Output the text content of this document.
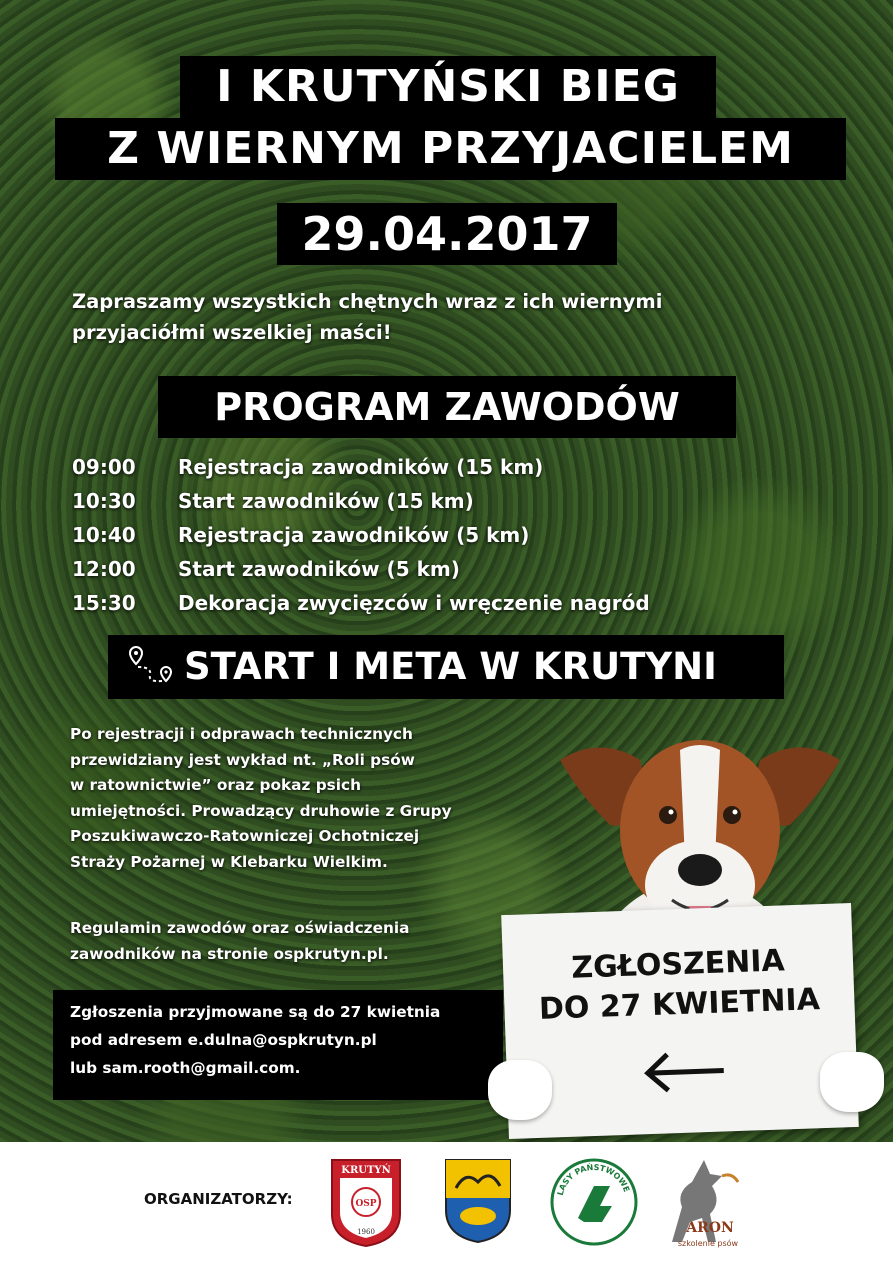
I KRUTYŃSKI BIEG
Z WIERNYM PRZYJACIELEM
29.04.2017
Zapraszamy wszystkich chętnych wraz z ich wiernymi
przyjaciółmi wszelkiej maści!
PROGRAM ZAWODÓW
09:00	Rejestracja zawodników (15 km)
10:30	Start zawodników (15 km)
10:40	Rejestracja zawodników (5 km)
12:00	Start zawodników (5 km)
15:30	Dekoracja zwycięzców i wręczenie nagród
START I META W KRUTYNI
Po rejestracji i odprawach technicznych
przewidziany jest wykład nt. „Roli psów
w ratownictwie” oraz pokaz psich
umiejętności. Prowadzący druhowie z Grupy
Poszukiwawczo-Ratowniczej Ochotniczej
Straży Pożarnej w Klebarku Wielkim.
Regulamin zawodów oraz oświadczenia
zawodników na stronie ospkrutyn.pl.
Zgłoszenia przyjmowane są do 27 kwietnia
pod adresem e.dulna@ospkrutyn.pl
lub sam.rooth@gmail.com.
ZGŁOSZENIA
DO 27 KWIETNIA
ORGANIZATORZY:
KRUTYŃ
OSP
1960
LASY PAŃSTWOWE
ARON
szkolenie psów
